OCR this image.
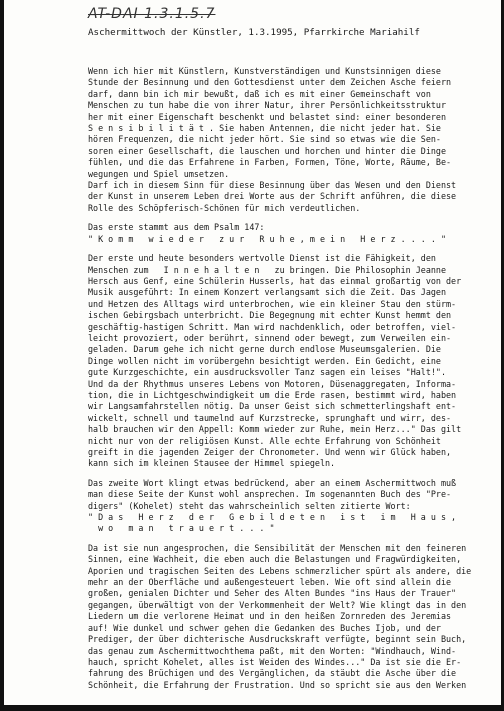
AT-DAI 1.3.1.5.7
Aschermittwoch der Künstler, 1.3.1995, Pfarrkirche Mariahilf

Wenn ich hier mit Künstlern, Kunstverständigen und Kunstsinnigen diese
Stunde der Besinnung und den Gottesdienst unter dem Zeichen Asche feiern
darf, dann bin ich mir bewußt, daß ich es mit einer Gemeinschaft von
Menschen zu tun habe die von ihrer Natur, ihrer Persönlichkeitsstruktur
her mit einer Eigenschaft beschenkt und belastet sind: einer besonderen
S e n s i b i l i t ä t . Sie haben Antennen, die nicht jeder hat. Sie
hören Frequenzen, die nicht jeder hört. Sie sind so etwas wie die Sen-
soren einer Gesellschaft, die lauschen und horchen und hinter die Dinge
fühlen, und die das Erfahrene in Farben, Formen, Töne, Worte, Räume, Be-
wegungen und Spiel umsetzen.
Darf ich in diesem Sinn für diese Besinnung über das Wesen und den Dienst
der Kunst in unserem Leben drei Worte aus der Schrift anführen, die diese
Rolle des Schöpferisch-Schönen für mich verdeutlichen.

Das erste stammt aus dem Psalm 147:

" K o m m   w i e d e r   z u r   R u h e , m e i n   H e r z . . . . "

Der erste und heute besonders wertvolle Dienst ist die Fähigkeit, den
Menschen zum   I n n e h a l t e n   zu bringen. Die Philosophin Jeanne
Hersch aus Genf, eine Schülerin Husserls, hat das einmal großartig von der
Musik ausgeführt: In einem Konzert verlangsamt sich die Zeit. Das Jagen
und Hetzen des Alltags wird unterbrochen, wie ein kleiner Stau den stürm-
ischen Gebirgsbach unterbricht. Die Begegnung mit echter Kunst hemmt den
geschäftig-hastigen Schritt. Man wird nachdenklich, oder betroffen, viel-
leicht provoziert, oder berührt, sinnend oder bewegt, zum Verweilen ein-
geladen. Darum gehe ich nicht gerne durch endlose Museumsgalerien. Die
Dinge wollen nicht im vorübergehn besichtigt werden. Ein Gedicht, eine
gute Kurzgeschichte, ein ausdrucksvoller Tanz sagen ein leises "Halt!".
Und da der Rhythmus unseres Lebens von Motoren, Düsenaggregaten, Informa-
tion, die in Lichtgeschwindigkeit um die Erde rasen, bestimmt wird, haben
wir Langsamfahrstellen nötig. Da unser Geist sich schmetterlingshaft ent-
wickelt, schnell und taumelnd auf Kurzstrecke, sprunghaft und wirr, des-
halb brauchen wir den Appell: Komm wieder zur Ruhe, mein Herz..." Das gilt
nicht nur von der religiösen Kunst. Alle echte Erfahrung von Schönheit
greift in die jagenden Zeiger der Chronometer. Und wenn wir Glück haben,
kann sich im kleinen Stausee der Himmel spiegeln.

Das zweite Wort klingt etwas bedrückend, aber an einem Aschermittwoch muß
man diese Seite der Kunst wohl ansprechen. Im sogenannten Buch des "Pre-
digers" (Kohelet) steht das wahrscheinlich selten zitierte Wort:

" D a s   H e r z   d e r   G e b i l d e t e n   i s t   i m   H a u s ,
w o   m a n   t r a u e r t . . . "

Da ist sie nun angesprochen, die Sensibilität der Menschen mit den feineren
Sinnen, eine Wachheit, die eben auch die Belastungen und Fragwürdigkeiten,
Aporien und tragischen Seiten des Lebens schmerzlicher spürt als andere, die
mehr an der Oberfläche und außengesteuert leben. Wie oft sind allein die
großen, genialen Dichter und Seher des Alten Bundes "ins Haus der Trauer"
gegangen, überwältigt von der Verkommenheit der Welt? Wie klingt das in den
Liedern um die verlorene Heimat und in den heißen Zornreden des Jeremias
auf! Wie dunkel und schwer gehen die Gedanken des Buches Ijob, und der
Prediger, der über dichterische Ausdruckskraft verfügte, beginnt sein Buch,
das genau zum Aschermittwochthema paßt, mit den Worten: "Windhauch, Wind-
hauch, spricht Kohelet, alles ist Weiden des Windes..." Da ist sie die Er-
fahrung des Brüchigen und des Vergänglichen, da stäubt die Asche über die
Schönheit, die Erfahrung der Frustration. Und so spricht sie aus den Werken
